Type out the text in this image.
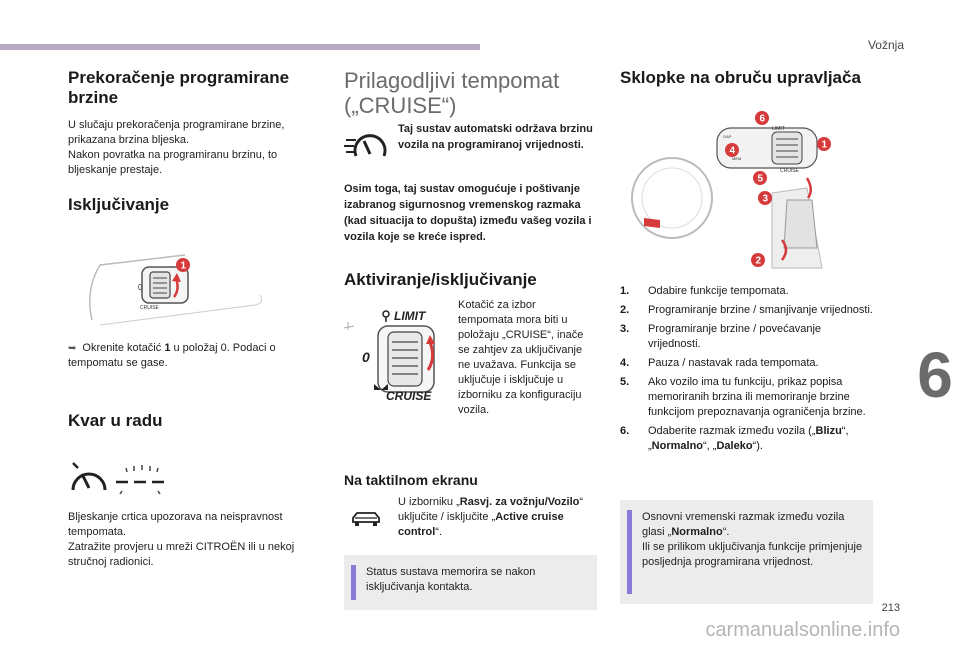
Vožnja
6
213
carmanualsonline.info
Prekoračenje programirane brzine

U slučaju prekoračenja programirane brzine, prikazana brzina bljeska.

Nakon povratka na programiranu brzinu, to bljeskanje prestaje.

Isključivanje
0
CRUISE
1

➥ Okrenite kotačić 1 u položaj 0. Podaci o tempomatu se gase.

Kvar u radu

Bljeskanje crtica upozorava na neispravnost tempomata.

Zatražite provjeru u mreži CITROËN ili u nekoj stručnoj radionici.

Prilagodljivi tempomat („CRUISE“)

Taj sustav automatski održava brzinu vozila na programiranoj vrijednosti.

Osim toga, taj sustav omogućuje i poštivanje izabranog sigurnosnog vremenskog razmaka (kad situacija to dopušta) između vašeg vozila i vozila koje se kreće ispred.

Aktiviranje/isključivanje
LIMIT
0
CRUISE

Kotačić za izbor tempomata mora biti u položaju „CRUISE“, inače se zahtjev za uključivanje ne uvažava. Funkcija se uključuje i isključuje u izborniku za konfiguraciju vozila.

Na taktilnom ekranu

U izborniku „Rasvj. za vožnju/Vozilo“ uključite / isključite „Active cruise control“.

Status sustava memorira se nakon isključivanja kontakta.

Sklopke na obruču upravljača
LIMIT
CRUISE
GAP
MEM
6
1
4
5
3
2
1. Odabire funkcije tempomata.
2. Programiranje brzine / smanjivanje vrijednosti.
3. Programiranje brzine / povećavanje vrijednosti.
4. Pauza / nastavak rada tempomata.
5. Ako vozilo ima tu funkciju, prikaz popisa memoriranih brzina ili memoriranje brzine funkcijom prepoznavanja ograničenja brzine.
6. Odaberite razmak između vozila („Blizu“, „Normalno“, „Daleko“).

Osnovni vremenski razmak između vozila glasi „Normalno“.

Ili se prilikom uključivanja funkcije primjenjuje posljednja programirana vrijednost.
